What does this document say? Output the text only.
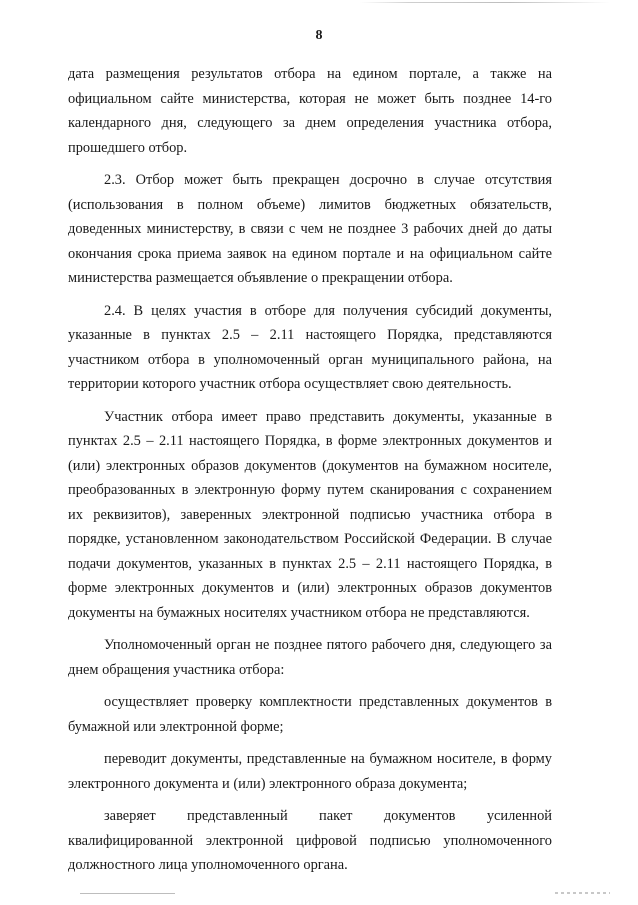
8

дата размещения результатов отбора на едином портале, а также на официальном сайте министерства, которая не может быть позднее 14-го календарного дня, следующего за днем определения участника отбора, прошедшего отбор.

2.3. Отбор может быть прекращен досрочно в случае отсутствия (использования в полном объеме) лимитов бюджетных обязательств, доведенных министерству, в связи с чем не позднее 3 рабочих дней до даты окончания срока приема заявок на едином портале и на официальном сайте министерства размещается объявление о прекращении отбора.

2.4. В целях участия в отборе для получения субсидий документы, указанные в пунктах 2.5 – 2.11 настоящего Порядка, представляются участником отбора в уполномоченный орган муниципального района, на территории которого участник отбора осуществляет свою деятельность.

Участник отбора имеет право представить документы, указанные в пунктах 2.5 – 2.11 настоящего Порядка, в форме электронных документов и (или) электронных образов документов (документов на бумажном носителе, преобразованных в электронную форму путем сканирования с сохранением их реквизитов), заверенных электронной подписью участника отбора в порядке, установленном законодательством Российской Федерации. В случае подачи документов, указанных в пунктах 2.5 – 2.11 настоящего Порядка, в форме электронных документов и (или) электронных образов документов документы на бумажных носителях участником отбора не представляются.

Уполномоченный орган не позднее пятого рабочего дня, следующего за днем обращения участника отбора:

осуществляет проверку комплектности представленных документов в бумажной или электронной форме;

переводит документы, представленные на бумажном носителе, в форму электронного документа и (или) электронного образа документа;

заверяет представленный пакет документов усиленной квалифицированной электронной цифровой подписью уполномоченного должностного лица уполномоченного органа.
